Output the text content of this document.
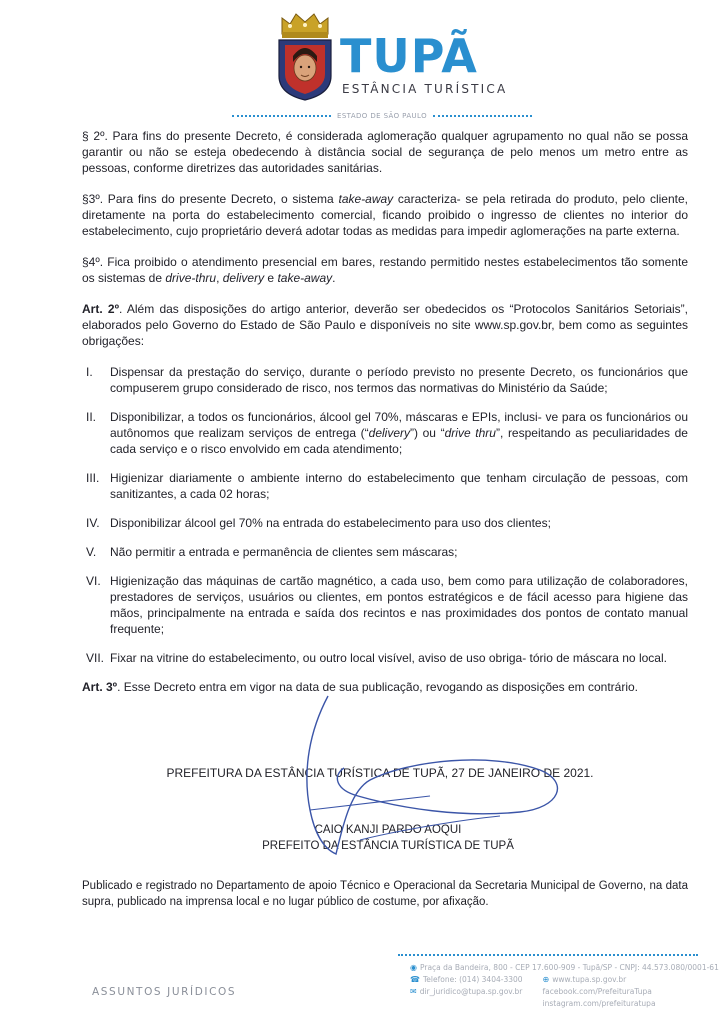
TUPÃ
ESTÂNCIA TURÍSTICA
ESTADO DE SÃO PAULO

§ 2º. Para fins do presente Decreto, é considerada aglomeração qualquer agrupamento no qual não se possa garantir ou não se esteja obedecendo à distância social de segurança de pelo menos um metro entre as pessoas, conforme diretrizes das autoridades sanitárias.

§3º. Para fins do presente Decreto, o sistema take-away caracteriza- se pela retirada do produto, pelo cliente, diretamente na porta do estabelecimento comercial, ficando proibido o ingresso de clientes no interior do estabelecimento, cujo proprietário deverá adotar todas as medidas para impedir aglomerações na parte externa.

§4º. Fica proibido o atendimento presencial em bares, restando permitido nestes estabelecimentos tão somente os sistemas de drive-thru, delivery e take-away.

Art. 2º. Além das disposições do artigo anterior, deverão ser obedecidos os “Protocolos Sanitários Setoriais”, elaborados pelo Governo do Estado de São Paulo e disponíveis no site www.sp.gov.br, bem como as seguintes obrigações:

I.	Dispensar da prestação do serviço, durante o período previsto no presente Decreto, os funcionários que compuserem grupo considerado de risco, nos termos das normativas do Ministério da Saúde;
II.	Disponibilizar, a todos os funcionários, álcool gel 70%, máscaras e EPIs, inclusi- ve para os funcionários ou autônomos que realizam serviços de entrega (“delivery”) ou “drive thru”, respeitando as peculiaridades de cada serviço e o risco envolvido em cada atendimento;
III. Higienizar diariamente o ambiente interno do estabelecimento que tenham circulação de pessoas, com sanitizantes, a cada 02 horas;
IV. Disponibilizar álcool gel 70% na entrada do estabelecimento para uso dos clientes;
V.	Não permitir a entrada e permanência de clientes sem máscaras;
VI. Higienização das máquinas de cartão magnético, a cada uso, bem como para utilização de colaboradores, prestadores de serviços, usuários ou clientes, em pontos estratégicos e de fácil acesso para higiene das mãos, principalmente na entrada e saída dos recintos e nas proximidades dos pontos de contato manual frequente;
VII. Fixar na vitrine do estabelecimento, ou outro local visível, aviso de uso obriga- tório de máscara no local.

Art. 3º. Esse Decreto entra em vigor na data de sua publicação, revogando as disposições em contrário.

PREFEITURA DA ESTÂNCIA TURÍSTICA DE TUPÃ, 27 DE JANEIRO DE 2021.
CAIO KANJI PARDO AOQUI
PREFEITO DA ESTÂNCIA TURÍSTICA DE TUPÃ
Publicado e registrado no Departamento de apoio Técnico e Operacional da Secretaria Municipal de Governo, na data supra, publicado na imprensa local e no lugar público de costume, por afixação.
ASSUNTOS JURÍDICOS
◉ Praça da Bandeira, 800 - CEP 17.600-909 - Tupã/SP - CNPJ: 44.573.080/0001-61
☎ Telefone: (014) 3404-3300
✉ dir_juridico@tupa.sp.gov.br
⊕ www.tupa.sp.gov.br
facebook.com/PrefeituraTupa
instagram.com/prefeituratupa
